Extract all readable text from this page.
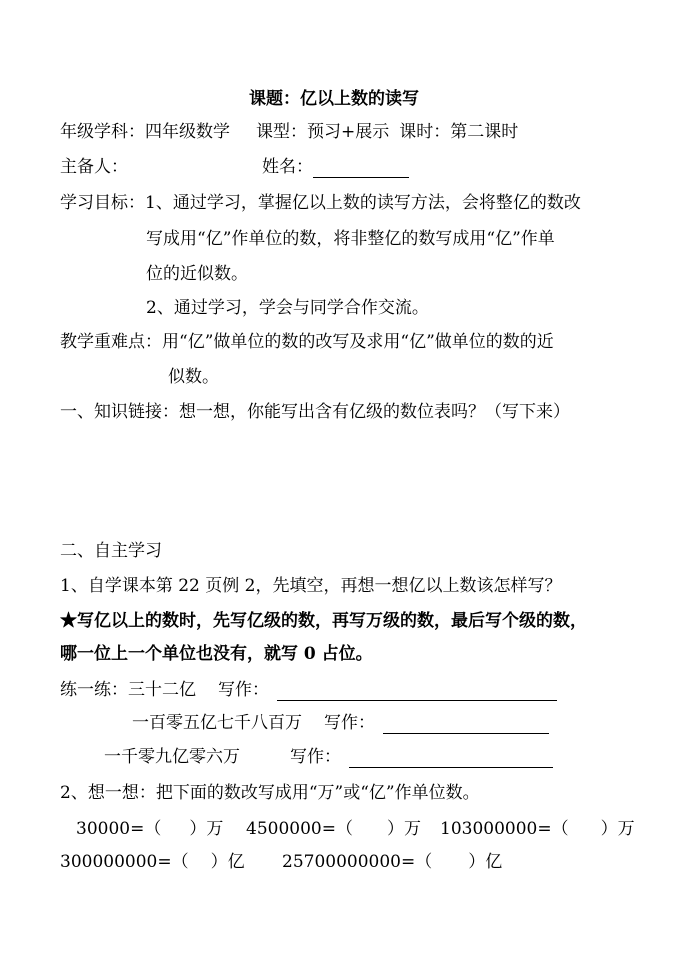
课题：亿以上数的读写
年级学科：四年级数学 课型：预习+展示 课时：第二课时
主备人：	姓名：
学习目标：1、通过学习，掌握亿以上数的读写方法，会将整亿的数改
写成用“亿”作单位的数，将非整亿的数写成用“亿”作单
位的近似数。
2、通过学习，学会与同学合作交流。
教学重难点：用“亿”做单位的数的改写及求用“亿”做单位的数的近
似数。
一、知识链接：想一想，你能写出含有亿级的数位表吗？（写下来）
二、自主学习
1、自学课本第 22 页例 2，先填空，再想一想亿以上数该怎样写？
★写亿以上的数时，先写亿级的数，再写万级的数，最后写个级的数，
哪一位上一个单位也没有，就写 0 占位。
练一练：三十二亿 写作：
一百零五亿七千八百万 写作：
一千零九亿零六万	写作：
2、想一想：把下面的数改写成用“万”或“亿”作单位数。
30000=（ ）万 4500000=（ ）万 103000000=（ ）万
300000000=（ ）亿 25700000000=（ ）亿
